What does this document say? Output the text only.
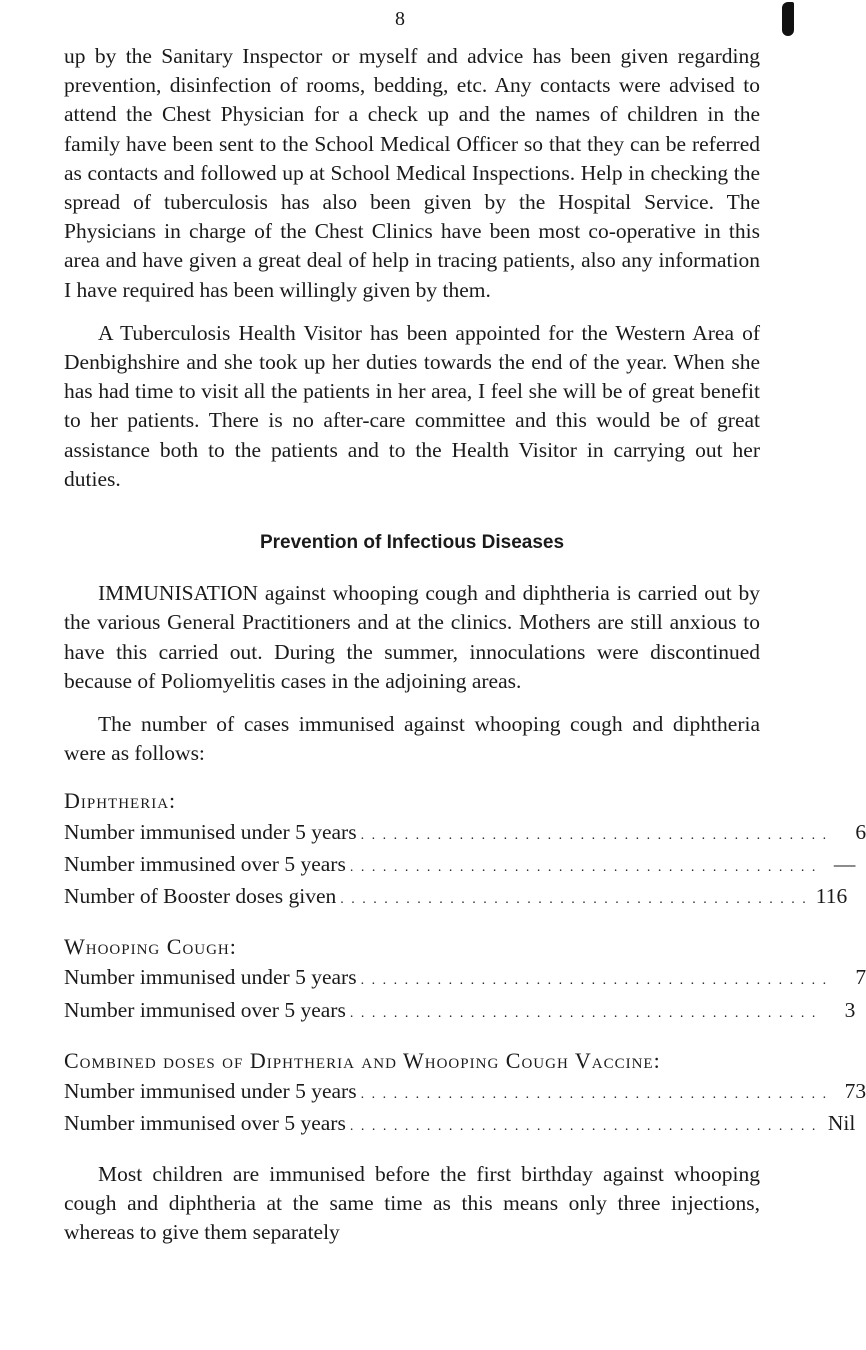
8

up by the Sanitary Inspector or myself and advice has been given regarding prevention, disinfection of rooms, bedding, etc. Any contacts were advised to attend the Chest Physician for a check up and the names of children in the family have been sent to the School Medical Officer so that they can be referred as contacts and followed up at School Medical Inspections. Help in checking the spread of tuberculosis has also been given by the Hospital Service. The Physicians in charge of the Chest Clinics have been most co-operative in this area and have given a great deal of help in tracing patients, also any information I have required has been willingly given by them.

A Tuberculosis Health Visitor has been appointed for the Western Area of Denbighshire and she took up her duties towards the end of the year. When she has had time to visit all the patients in her area, I feel she will be of great benefit to her patients. There is no after-care committee and this would be of great assistance both to the patients and to the Health Visitor in carrying out her duties.

Prevention of Infectious Diseases

IMMUNISATION against whooping cough and diphtheria is carried out by the various General Practitioners and at the clinics. Mothers are still anxious to have this carried out. During the summer, innoculations were discontinued because of Poliomyelitis cases in the adjoining areas.

The number of cases immunised against whooping cough and diphtheria were as follows:

Diphtheria:
Number immunised under 5 years . . . . . . . . . . . . . . . . . . . . . . . . . . . . . . . . . . . . . . . . . . .	6
Number immusined over 5 years . . . . . . . . . . . . . . . . . . . . . . . . . . . . . . . . . . . . . . . . . . . —
Number of Booster doses given . . . . . . . . . . . . . . . . . . . . . . . . . . . . . . . . . . . . . . . . . . . 116
Whooping Cough:
Number immunised under 5 years . . . . . . . . . . . . . . . . . . . . . . . . . . . . . . . . . . . . . . . . . . .	7
Number immunised over 5 years . . . . . . . . . . . . . . . . . . . . . . . . . . . . . . . . . . . . . . . . . . .	3
Combined doses of Diphtheria and Whooping Cough Vaccine:
Number immunised under 5 years . . . . . . . . . . . . . . . . . . . . . . . . . . . . . . . . . . . . . . . . . . . 73
Number immunised over 5 years . . . . . . . . . . . . . . . . . . . . . . . . . . . . . . . . . . . . . . . . . . . Nil

Most children are immunised before the first birthday against whooping cough and diphtheria at the same time as this means only three injections, whereas to give them separately
